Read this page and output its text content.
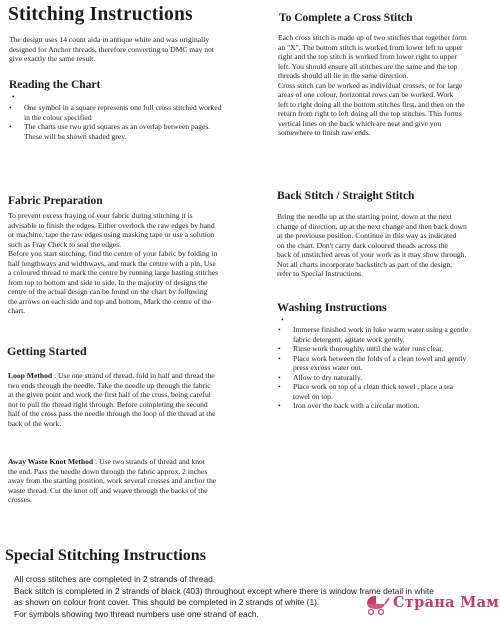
Stitching Instructions

The design uses 14 count aida in antique white and was originally

designed for Anchor threads, therefore converting to DMC may not

give exactly the same result.

Reading the Chart
•
• One symbol in a square represents one full cross stitched worked
in the colour specified
• The charts use two grid squares as an overlap between pages.
These will be shown shaded grey.
Fabric Preparation

To prevent excess fraying of your fabric during stitching it is

advisable to finish the edges. Either overlock the raw edges by hand

or machine, tape the raw edges using masking tape or use a solution

such as Fray Check to seal the edges.

Before you start stitching, find the centre of your fabric by folding in

half lengthways and widthways, and mark the centre with a pin. Use

a coloured thread to mark the centre by running large basting stitches

from top to bottom and side to side. In the majority of designs the

centre of the actual design can be found on the chart by following

the arrows on each side and top and bottom, Mark the centre of the

chart.

Getting Started

Loop Method : Use one strand of thread, fold in half and thread the

two ends through the needle. Take the needle up through the fabric

at the given point and work the first half of the cross, being careful

not to pull the thread right through. Before completing the second

half of the cross pass the needle through the loop of the thread at the

back of the work.

Away Waste Knot Method : Use two strands of thread and knot

the end. Pass the needle down through the fabric approx. 2 inches

away from the starting position, work several crosses and anchor the

waste thread. Cut the knot off and weave through the backs of the

crosses.

To Complete a Cross Stitch

Each cross stitch is made up of two stitches that together form

an "X". The bottom stitch is worked from lower left to upper

right and the top stitch is worked from lower right to upper

left. You should ensure all stitches are the same and the top

threads should all lie in the same direction.

Cross stitch can be worked as individual crosses, or for large

areas of one colour, horizontal rows can be worked. Work

left to right doing all the bottom stitches first, and then on the

return from right to left doing all the top stitches. This forms

vertical lines on the back which are neat and give you

somewhere to finish raw ends.

Back Stitch / Straight Stitch

Bring the needle up at the starting point, down at the next

change of direction, up at the next change and then back down

at the previouse position. Continue in this way as indicated

on the chart. Don't carry dark coloured theads across the

back of unstitched areas of your work as it may show through.

Not all charts incorporate backstitch as part of the design,

refer to Special Instructions.

Washing Instructions
•
• Immerse finished work in luke warm water using a gentle
fabric detergent, agitate work gently.
• Rinse work thoroughly, until the water runs clear.
• Place work between the folds of a clean towel and gently
press excess water out.
• Allow to dry naturally.
• Place work on top of a clean thick towel , place a tea
towel on top.
• Iron over the back with a circular motion.
Special Stitching Instructions

All cross stitches are completed in 2 strands of thread.

Back stitch is completed in 2 strands of black (403) throughout except where there is window frame detail in white

as shown on colour front cover. This should be completed in 2 strands of white (1).

For symbols showing two thread numbers use one strand of each.

Страна Мам
